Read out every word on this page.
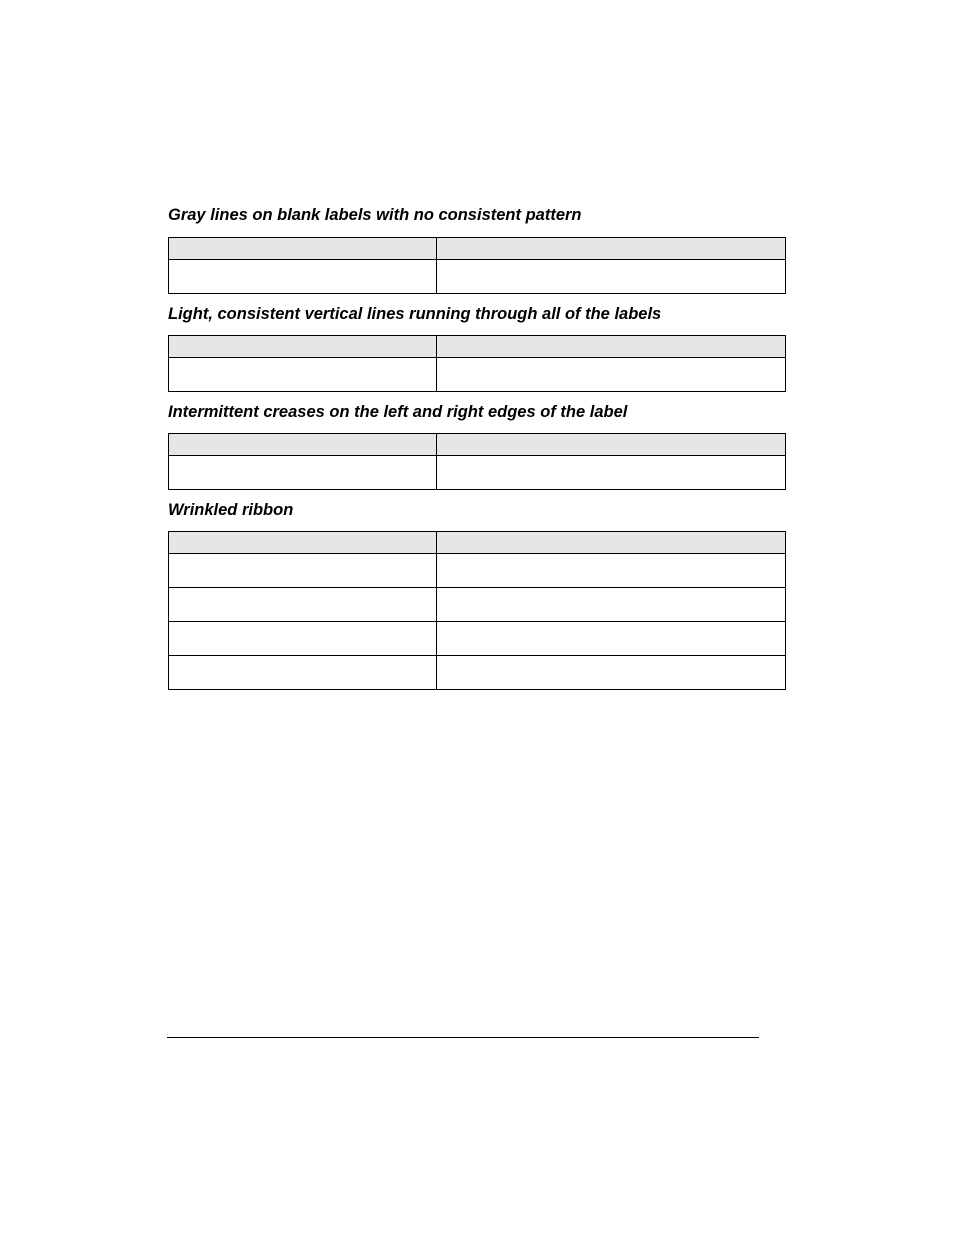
Gray lines on blank labels with no consistent pattern

Light, consistent vertical lines running through all of the labels

Intermittent creases on the left and right edges of the label

Wrinkled ribbon
